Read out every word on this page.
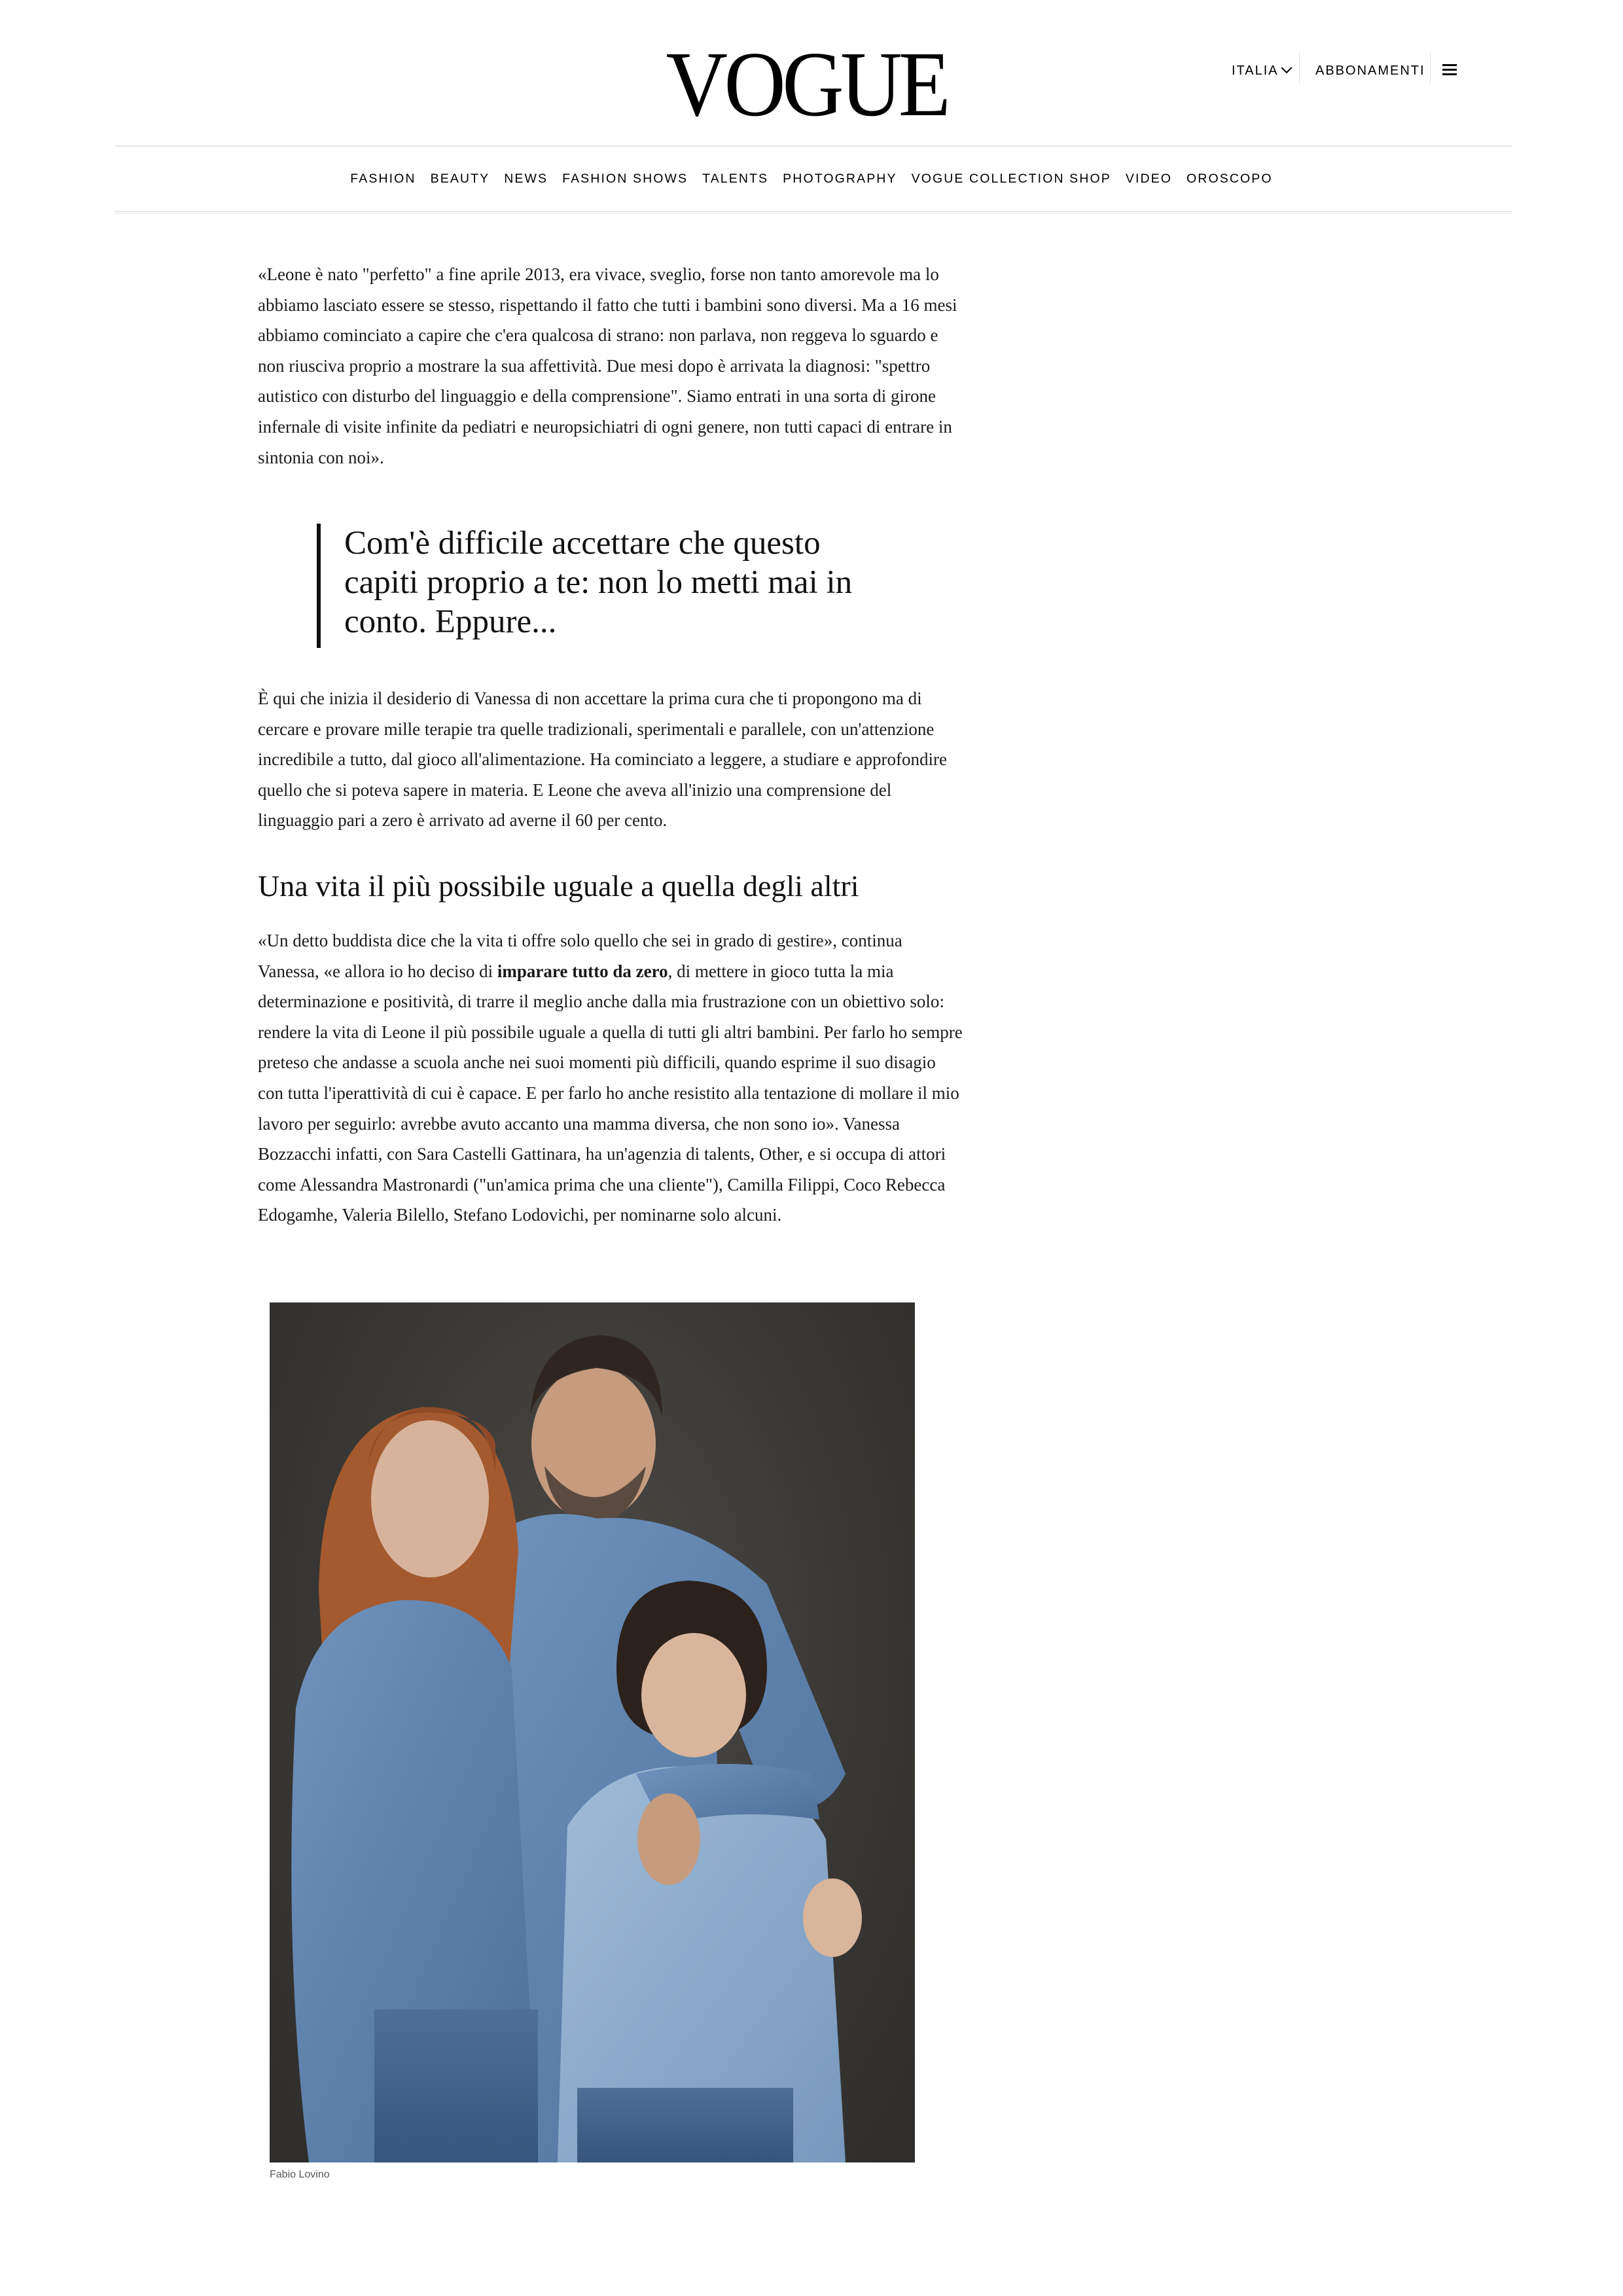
VOGUE	ITALIA	ABBONAMENTI
FASHION BEAUTY NEWS FASHION SHOWS TALENTS PHOTOGRAPHY VOGUE COLLECTION SHOP VIDEO OROSCOPO

«Leone è nato "perfetto" a fine aprile 2013, era vivace, sveglio, forse non tanto amorevole ma lo abbiamo lasciato essere se stesso, rispettando il fatto che tutti i bambini sono diversi. Ma a 16 mesi abbiamo cominciato a capire che c'era qualcosa di strano: non parlava, non reggeva lo sguardo e non riusciva proprio a mostrare la sua affettività. Due mesi dopo è arrivata la diagnosi: "spettro autistico con disturbo del linguaggio e della comprensione". Siamo entrati in una sorta di girone infernale di visite infinite da pediatri e neuropsichiatri di ogni genere, non tutti capaci di entrare in sintonia con noi».

Com'è difficile accettare che questo capiti proprio a te: non lo metti mai in conto. Eppure...

È qui che inizia il desiderio di Vanessa di non accettare la prima cura che ti propongono ma di cercare e provare mille terapie tra quelle tradizionali, sperimentali e parallele, con un'attenzione incredibile a tutto, dal gioco all'alimentazione. Ha cominciato a leggere, a studiare e approfondire quello che si poteva sapere in materia. E Leone che aveva all'inizio una comprensione del linguaggio pari a zero è arrivato ad averne il 60 per cento.

Una vita il più possibile uguale a quella degli altri

«Un detto buddista dice che la vita ti offre solo quello che sei in grado di gestire», continua Vanessa, «e allora io ho deciso di imparare tutto da zero, di mettere in gioco tutta la mia determinazione e positività, di trarre il meglio anche dalla mia frustrazione con un obiettivo solo: rendere la vita di Leone il più possibile uguale a quella di tutti gli altri bambini. Per farlo ho sempre preteso che andasse a scuola anche nei suoi momenti più difficili, quando esprime il suo disagio con tutta l'iperattività di cui è capace. E per farlo ho anche resistito alla tentazione di mollare il mio lavoro per seguirlo: avrebbe avuto accanto una mamma diversa, che non sono io». Vanessa Bozzacchi infatti, con Sara Castelli Gattinara, ha un'agenzia di talents, Other, e si occupa di attori come Alessandra Mastronardi ("un'amica prima che una cliente"), Camilla Filippi, Coco Rebecca Edogamhe, Valeria Bilello, Stefano Lodovichi, per nominarne solo alcuni.

Fabio Lovino
